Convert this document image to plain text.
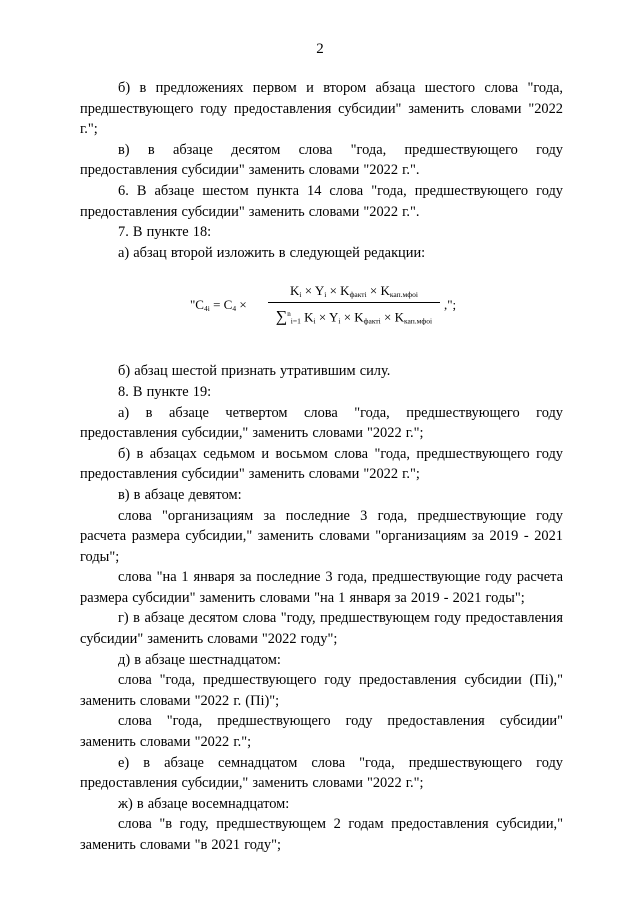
2

б) в предложениях первом и втором абзаца шестого слова "года, предшествующего году предоставления субсидии" заменить словами "2022 г.";

в) в абзаце десятом слова "года, предшествующего году предоставления субсидии" заменить словами "2022 г.".

6. В абзаце шестом пункта 14 слова "года, предшествующего году предоставления субсидии" заменить словами "2022 г.".

7. В пункте 18:

а) абзац второй изложить в следующей редакции:

"$С_{4i} = С_4$ ×
$K_i \times Y_i \times K_{фактi} \times K_{кап.мфоi}$
∑$^n_{i=1}$ $K_i \times Y_i \times K_{фактi} \times K_{кап.мфоi}$
,";

б) абзац шестой признать утратившим силу.

8. В пункте 19:

а) в абзаце четвертом слова "года, предшествующего году предоставления субсидии," заменить словами "2022 г.";

б) в абзацах седьмом и восьмом слова "года, предшествующего году предоставления субсидии" заменить словами "2022 г.";

в) в абзаце девятом:

слова "организациям за последние 3 года, предшествующие году расчета размера субсидии," заменить словами "организациям за 2019 - 2021 годы";

слова "на 1 января за последние 3 года, предшествующие году расчета размера субсидии" заменить словами "на 1 января за 2019 - 2021 годы";

г) в абзаце десятом слова "году, предшествующем году предоставления субсидии" заменить словами "2022 году";

д) в абзаце шестнадцатом:

слова "года, предшествующего году предоставления субсидии (Пi)," заменить словами "2022 г. (Пi)";

слова "года, предшествующего году предоставления субсидии" заменить словами "2022 г.";

е) в абзаце семнадцатом слова "года, предшествующего году предоставления субсидии," заменить словами "2022 г.";

ж) в абзаце восемнадцатом:

слова "в году, предшествующем 2 годам предоставления субсидии," заменить словами "в 2021 году";
